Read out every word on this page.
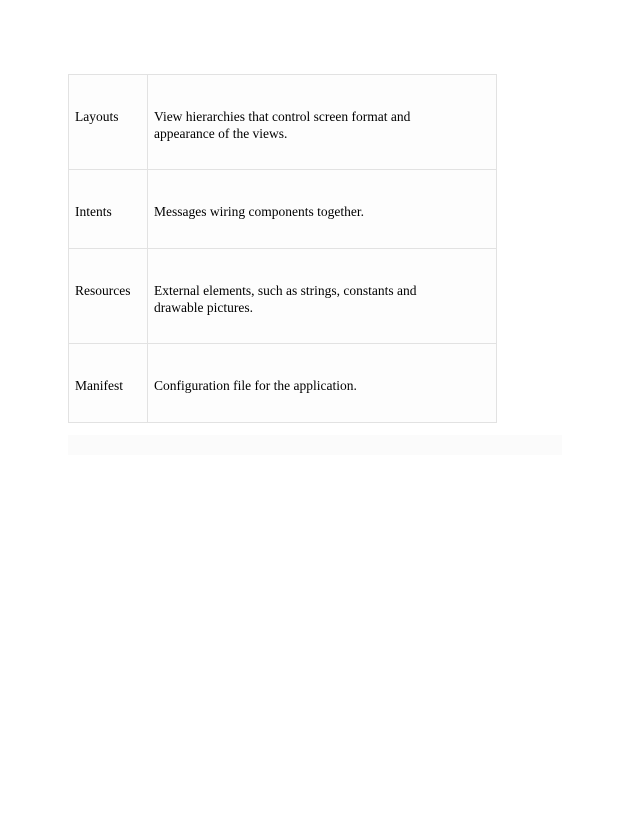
Layouts	View hierarchies that control screen format and appearance of the views.

Intents	Messages wiring components together.

Resources	External elements, such as strings, constants and drawable pictures.

Manifest	Configuration file for the application.
